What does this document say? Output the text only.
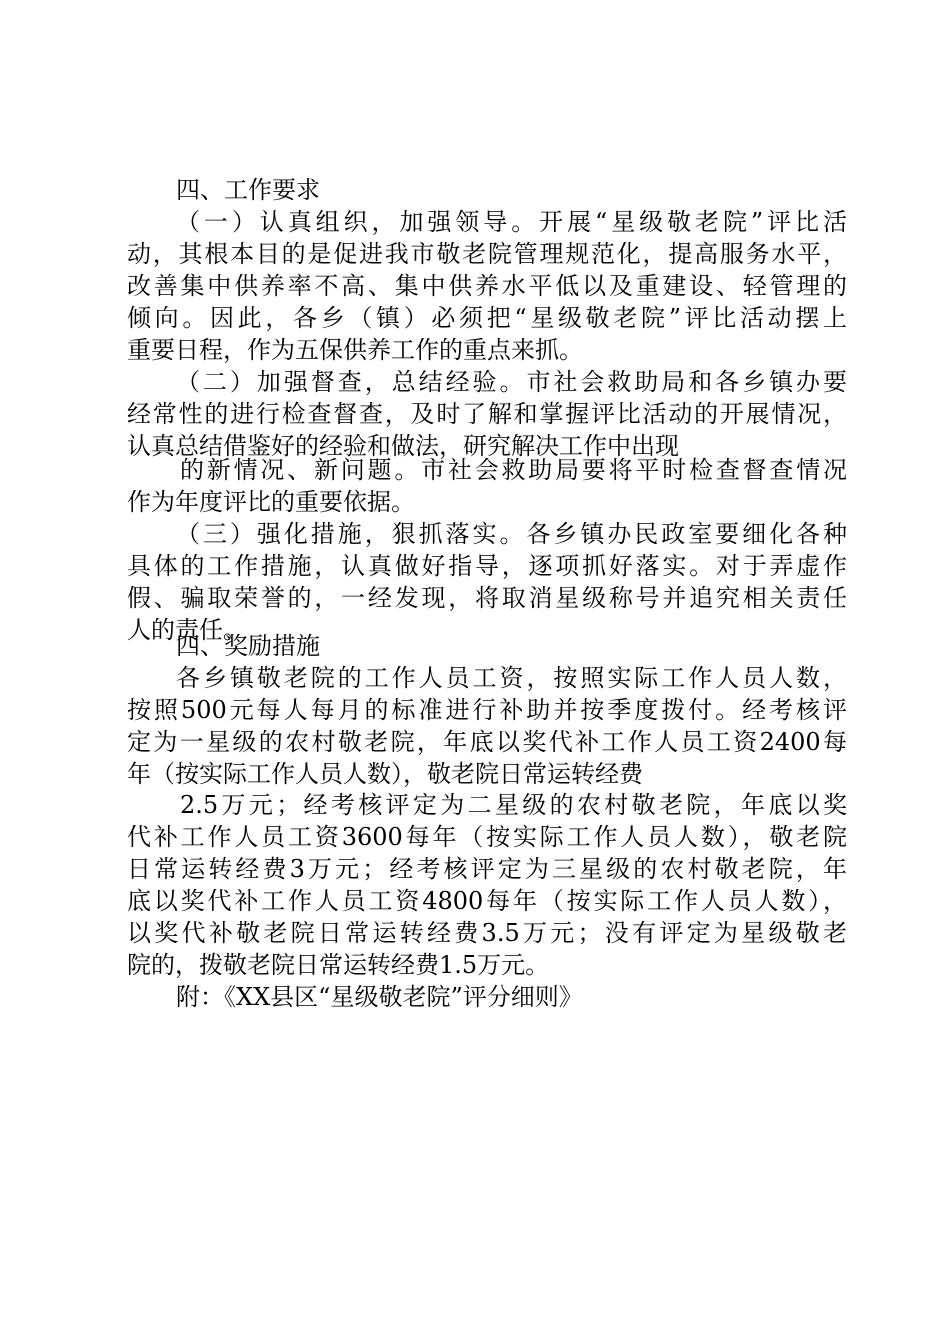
四、工作要求
（一）认真组织，加强领导。开展“星级敬老院”评比活
动，其根本目的是促进我市敬老院管理规范化，提高服务水平，
改善集中供养率不高、集中供养水平低以及重建设、轻管理的
倾向。因此，各乡（镇）必须把“星级敬老院”评比活动摆上
重要日程，作为五保供养工作的重点来抓。
（二）加强督查，总结经验。市社会救助局和各乡镇办要
经常性的进行检查督查，及时了解和掌握评比活动的开展情况，
认真总结借鉴好的经验和做法，研究解决工作中出现
的新情况、新问题。市社会救助局要将平时检查督查情况
作为年度评比的重要依据。
（三）强化措施，狠抓落实。各乡镇办民政室要细化各种
具体的工作措施，认真做好指导，逐项抓好落实。对于弄虚作
假、骗取荣誉的，一经发现，将取消星级称号并追究相关责任
人的责任。
四、奖励措施
各乡镇敬老院的工作人员工资，按照实际工作人员人数，
按照500元每人每月的标准进行补助并按季度拨付。经考核评
定为一星级的农村敬老院，年底以奖代补工作人员工资2400每
年（按实际工作人员人数），敬老院日常运转经费
2.5万元；经考核评定为二星级的农村敬老院，年底以奖
代补工作人员工资3600每年（按实际工作人员人数），敬老院
日常运转经费3万元；经考核评定为三星级的农村敬老院，年
底以奖代补工作人员工资4800每年（按实际工作人员人数），
以奖代补敬老院日常运转经费3.5万元；没有评定为星级敬老
院的，拨敬老院日常运转经费1.5万元。
附：《XX县区“星级敬老院”评分细则》
